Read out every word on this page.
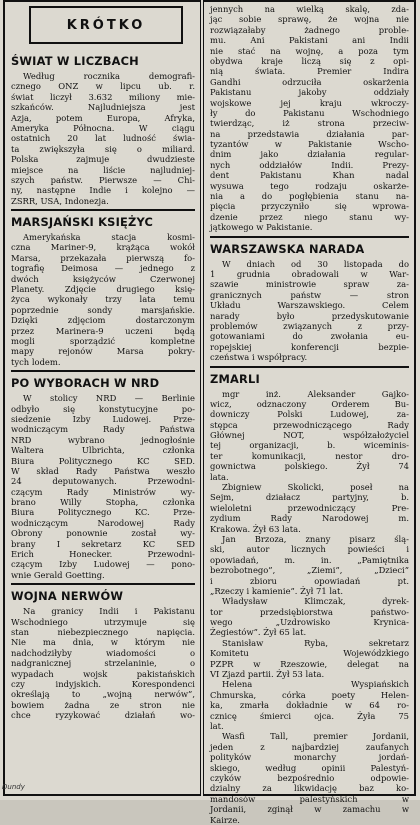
KRÓTKO
ŚWIAT W LICZBACH
Według rocznika demografi-
cznego ONZ w lipcu ub. r.
świat liczył 3.632 miliony mie-
szkańców. Najludniejsza jest
Azja, potem Europa, Afryka,
Ameryka Północna. W ciągu
ostatnich 20 lat ludność świa-
ta zwiększyła się o miliard.
Polska zajmuje dwudzieste
miejsce na liście najludniej-
szych państw. Pierwsze — Chi-
ny, następne Indie i kolejno —
ZSRR, USA, Indonezja.
MARSJAŃSKI KSIĘŻYC
Amerykańska stacja kosmi-
czna Mariner-9, krążąca wokół
Marsa, przekazała pierwszą fo-
tografię Deimosa — jednego z
dwóch księżyców Czerwonej
Planety. Zdjęcie drugiego księ-
życa wykonały trzy lata temu
poprzednie sondy marsjańskie.
Dzięki zdjęciom dostarczonym
przez Marinera-9 uczeni będą
mogli sporządzić kompletne
mapy rejonów Marsa pokry-
tych lodem.
PO WYBORACH W NRD
W stolicy NRD — Berlinie
odbyło się konstytucyjne po-
siedzenie Izby Ludowej. Prze-
wodniczącym Rady Państwa
NRD wybrano jednogłośnie
Waltera Ulbrichta, członka
Biura Politycznego KC SED.
W skład Rady Państwa weszło
24 deputowanych. Przewodni-
czącym Rady Ministrów wy-
brano Willy Stopha, członka
Biura Politycznego KC. Prze-
wodniczącym Narodowej Rady
Obrony ponownie został wy-
brany I sekretarz KC SED
Erich Honecker. Przewodni-
czącym Izby Ludowej — pono-
wnie Gerald Goetting.
WOJNA NERWÓW
Na granicy Indii i Pakistanu
Wschodniego utrzymuje się
stan niebezpiecznego napięcia.
Nie ma dnia, w którym nie
nadchodziłyby wiadomości o
nadgranicznej strzelaninie, o
wypadach wojsk pakistańskich
czy indyjskich. Korespondenci
określają to „wojną nerwów”,
bowiem żadna ze stron nie
chce ryzykować działań wo-
jennych na wielką skalę, zda-
jąc sobie sprawę, że wojna nie
rozwiązałaby żadnego proble-
mu. Ani Pakistani ani Indii
nie stać na wojnę, a poza tym
obydwa kraje liczą się z opi-
nią świata. Premier Indira
Gandhi odrzuciła oskarżenia
Pakistanu jakoby oddziały
wojskowe jej kraju wkroczy-
ły do Pakistanu Wschodniego
twierdząc, iż strona przeciw-
na przedstawia działania par-
tyzantów w Pakistanie Wscho-
dnim jako działania regular-
nych oddziałów Indii. Prezy-
dent Pakistanu Khan nadal
wysuwa tego rodzaju oskarże-
nia a do pogłębienia stanu na-
pięcia przyczyniło się wprowa-
dzenie przez niego stanu wy-
jątkowego w Pakistanie.
WARSZAWSKA NARADA
W dniach od 30 listopada do
1 grudnia obradowali w War-
szawie ministrowie spraw za-
granicznych państw — stron
Układu Warszawskiego. Celem
narady było przedyskutowanie
problemów związanych z przy-
gotowaniami do zwołania eu-
ropejskiej konferencji bezpie-
czeństwa i współpracy.
ZMARLI
mgr inż. Aleksander Gajko-
wicz, odznaczony Orderem Bu-
downiczy Polski Ludowej, za-
stępca przewodniczącego Rady
Głównej NOT, współzałożyciel
tej organizacji, b. wiceminis-
ter komunikacji, nestor dro-
gownictwa polskiego. Żył 74
lata.
Zbigniew Skolicki, poseł na
Sejm, działacz partyjny, b.
wieloletni przewodniczący Pre-
zydium Rady Narodowej m.
Krakowa. Żył 63 lata.
Jan Brzoza, znany pisarz ślą-
ski, autor licznych powieści i
opowiadań, m. in. „Pamiętnika
bezrobotnego”, „Ziemi”, „Dzieci”
i zbioru opowiadań pt.
„Rzeczy i kamienie”. Żył 71 lat.
Władysław Klimczak, dyrek-
tor przedsiębiorstwa państwo-
wego „Uzdrowisko Krynica-
Żegiestów”. Żył 65 lat.
Stanisław Ryba, sekretarz
Komitetu Wojewódzkiego
PZPR w Rzeszowie, delegat na
VI Zjazd partii. Żył 53 lata.
Helena Wyspiańskich
Chmurska, córka poety Helen-
ka, zmarła dokładnie w 64 ro-
cznicę śmierci ojca. Żyła 75
lat.
Wasfi Tall, premier Jordanii,
jeden z najbardziej zaufanych
polityków monarchy jordań-
skiego, według opinii Palestyń-
czyków bezpośrednio odpowie-
dzialny za likwidację baz ko-
mandosów palestyńskich w
Jordanii, zginął w zamachu w
Kairze.
Dundy
